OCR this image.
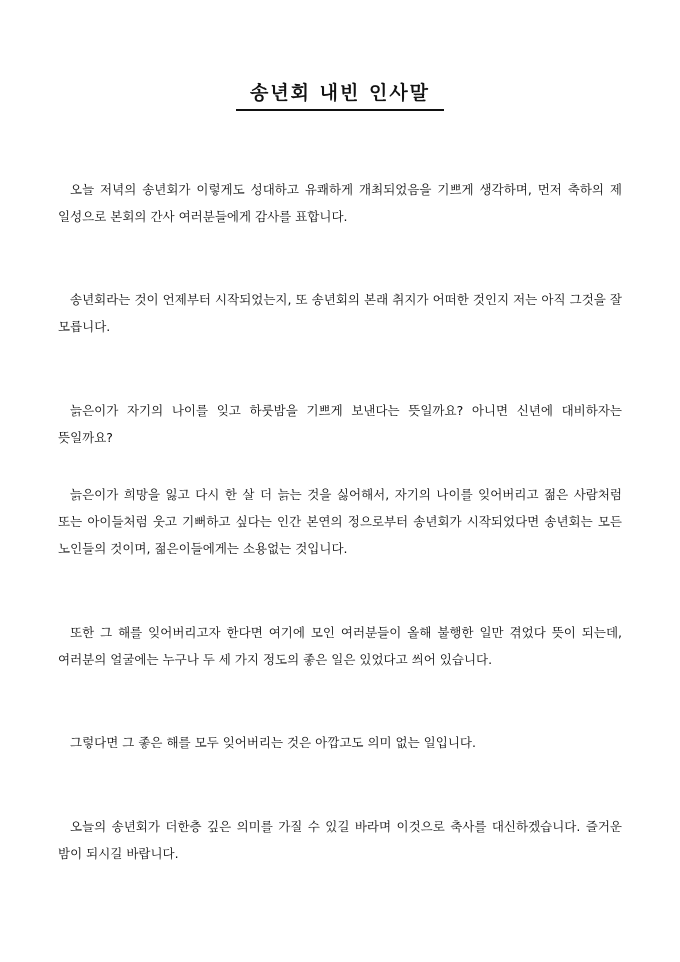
송년회 내빈 인사말

오늘 저녁의 송년회가 이렇게도 성대하고 유쾌하게 개최되었음을 기쁘게 생각하며, 먼저 축하의 제 일성으로 본회의 간사 여러분들에게 감사를 표합니다.

송년회라는 것이 언제부터 시작되었는지, 또 송년회의 본래 취지가 어떠한 것인지 저는 아직 그것을 잘 모릅니다.

늙은이가 자기의 나이를 잊고 하룻밤을 기쁘게 보낸다는 뜻일까요? 아니면 신년에 대비하자는 뜻일까요?

늙은이가 희망을 잃고 다시 한 살 더 늙는 것을 싫어해서, 자기의 나이를 잊어버리고 젊은 사람처럼 또는 아이들처럼 웃고 기뻐하고 싶다는 인간 본연의 정으로부터 송년회가 시작되었다면 송년회는 모든 노인들의 것이며, 젊은이들에게는 소용없는 것입니다.

또한 그 해를 잊어버리고자 한다면 여기에 모인 여러분들이 올해 불행한 일만 겪었다 뜻이 되는데, 여러분의 얼굴에는 누구나 두 세 가지 정도의 좋은 일은 있었다고 씌어 있습니다.

그렇다면 그 좋은 해를 모두 잊어버리는 것은 아깝고도 의미 없는 일입니다.

오늘의 송년회가 더한층 깊은 의미를 가질 수 있길 바라며 이것으로 축사를 대신하겠습니다. 즐거운 밤이 되시길 바랍니다.
